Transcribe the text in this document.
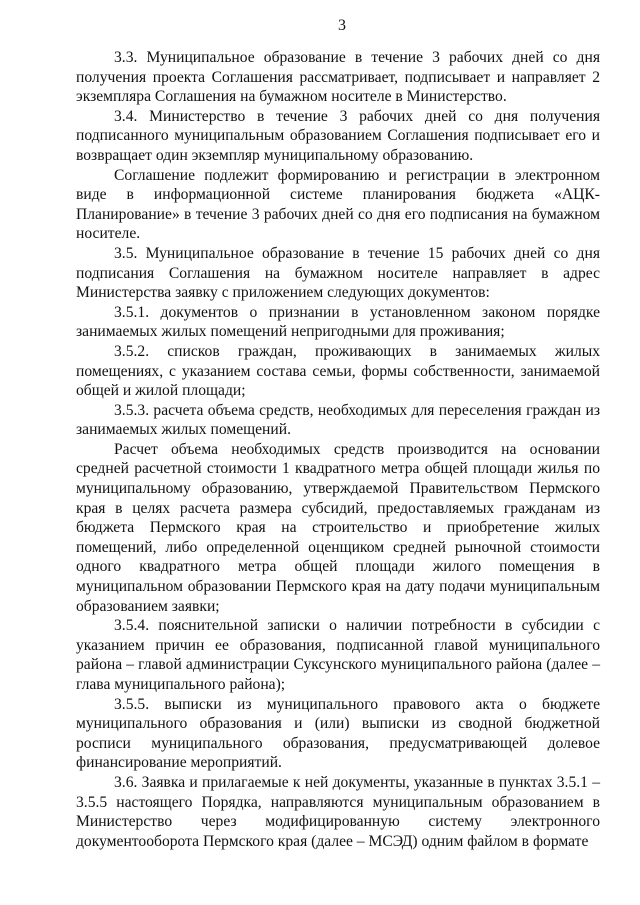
3

3.3. Муниципальное образование в течение 3 рабочих дней со дня получения проекта Соглашения рассматривает, подписывает и направляет 2 экземпляра Соглашения на бумажном носителе в Министерство.

3.4. Министерство в течение 3 рабочих дней со дня получения подписанного муниципальным образованием Соглашения подписывает его и возвращает один экземпляр муниципальному образованию.

Соглашение подлежит формированию и регистрации в электронном виде в информационной системе планирования бюджета «АЦК-Планирование» в течение 3 рабочих дней со дня его подписания на бумажном носителе.

3.5. Муниципальное образование в течение 15 рабочих дней со дня подписания Соглашения на бумажном носителе направляет в адрес Министерства заявку с приложением следующих документов:

3.5.1. документов о признании в установленном законом порядке занимаемых жилых помещений непригодными для проживания;

3.5.2. списков граждан, проживающих в занимаемых жилых помещениях, с указанием состава семьи, формы собственности, занимаемой общей и жилой площади;

3.5.3. расчета объема средств, необходимых для переселения граждан из занимаемых жилых помещений.

Расчет объема необходимых средств производится на основании средней расчетной стоимости 1 квадратного метра общей площади жилья по муниципальному образованию, утверждаемой Правительством Пермского края в целях расчета размера субсидий, предоставляемых гражданам из бюджета Пермского края на строительство и приобретение жилых помещений, либо определенной оценщиком средней рыночной стоимости одного квадратного метра общей площади жилого помещения в муниципальном образовании Пермского края на дату подачи муниципальным образованием заявки;

3.5.4. пояснительной записки о наличии потребности в субсидии с указанием причин ее образования, подписанной главой муниципального района – главой администрации Суксунского муниципального района (далее – глава муниципального района);

3.5.5. выписки из муниципального правового акта о бюджете муниципального образования и (или) выписки из сводной бюджетной росписи муниципального образования, предусматривающей долевое финансирование мероприятий.

3.6. Заявка и прилагаемые к ней документы, указанные в пунктах 3.5.1 – 3.5.5 настоящего Порядка, направляются муниципальным образованием в Министерство через модифицированную систему электронного документооборота Пермского края (далее – МСЭД) одним файлом в формате
